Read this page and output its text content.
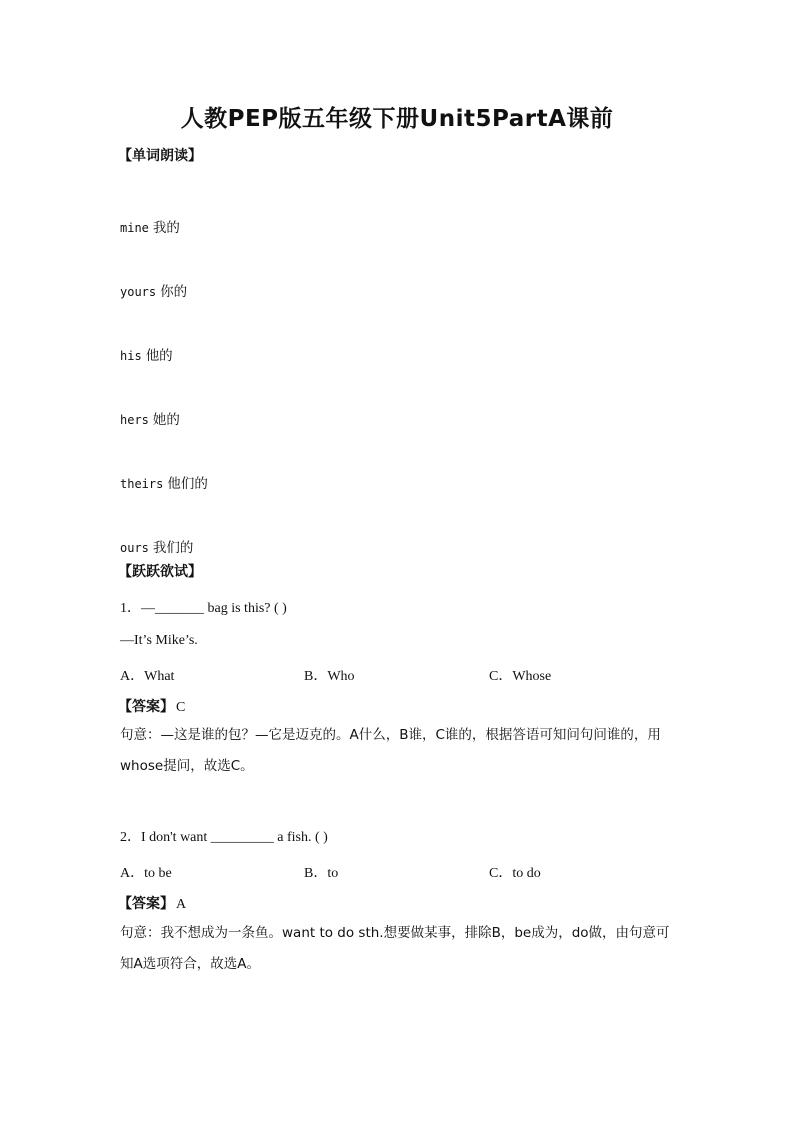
人教PEP版五年级下册Unit5PartA课前
【单词朗读】
mine 我的
yours 你的
his 他的
hers 她的
theirs 他们的
ours 我们的
【跃跃欲试】
1．—_______ bag is this? ( )
—It’s Mike’s.
A．What	B．Who	C．Whose
【答案】 C
句意：—这是谁的包？—它是迈克的。A什么，B谁，C谁的，根据答语可知问句问谁的，用whose提问，故选C。
2．I don't want _________ a fish. ( )
A．to be	B．to	C．to do
【答案】 A
句意：我不想成为一条鱼。want to do sth.想要做某事，排除B，be成为，do做，由句意可知A选项符合，故选A。
